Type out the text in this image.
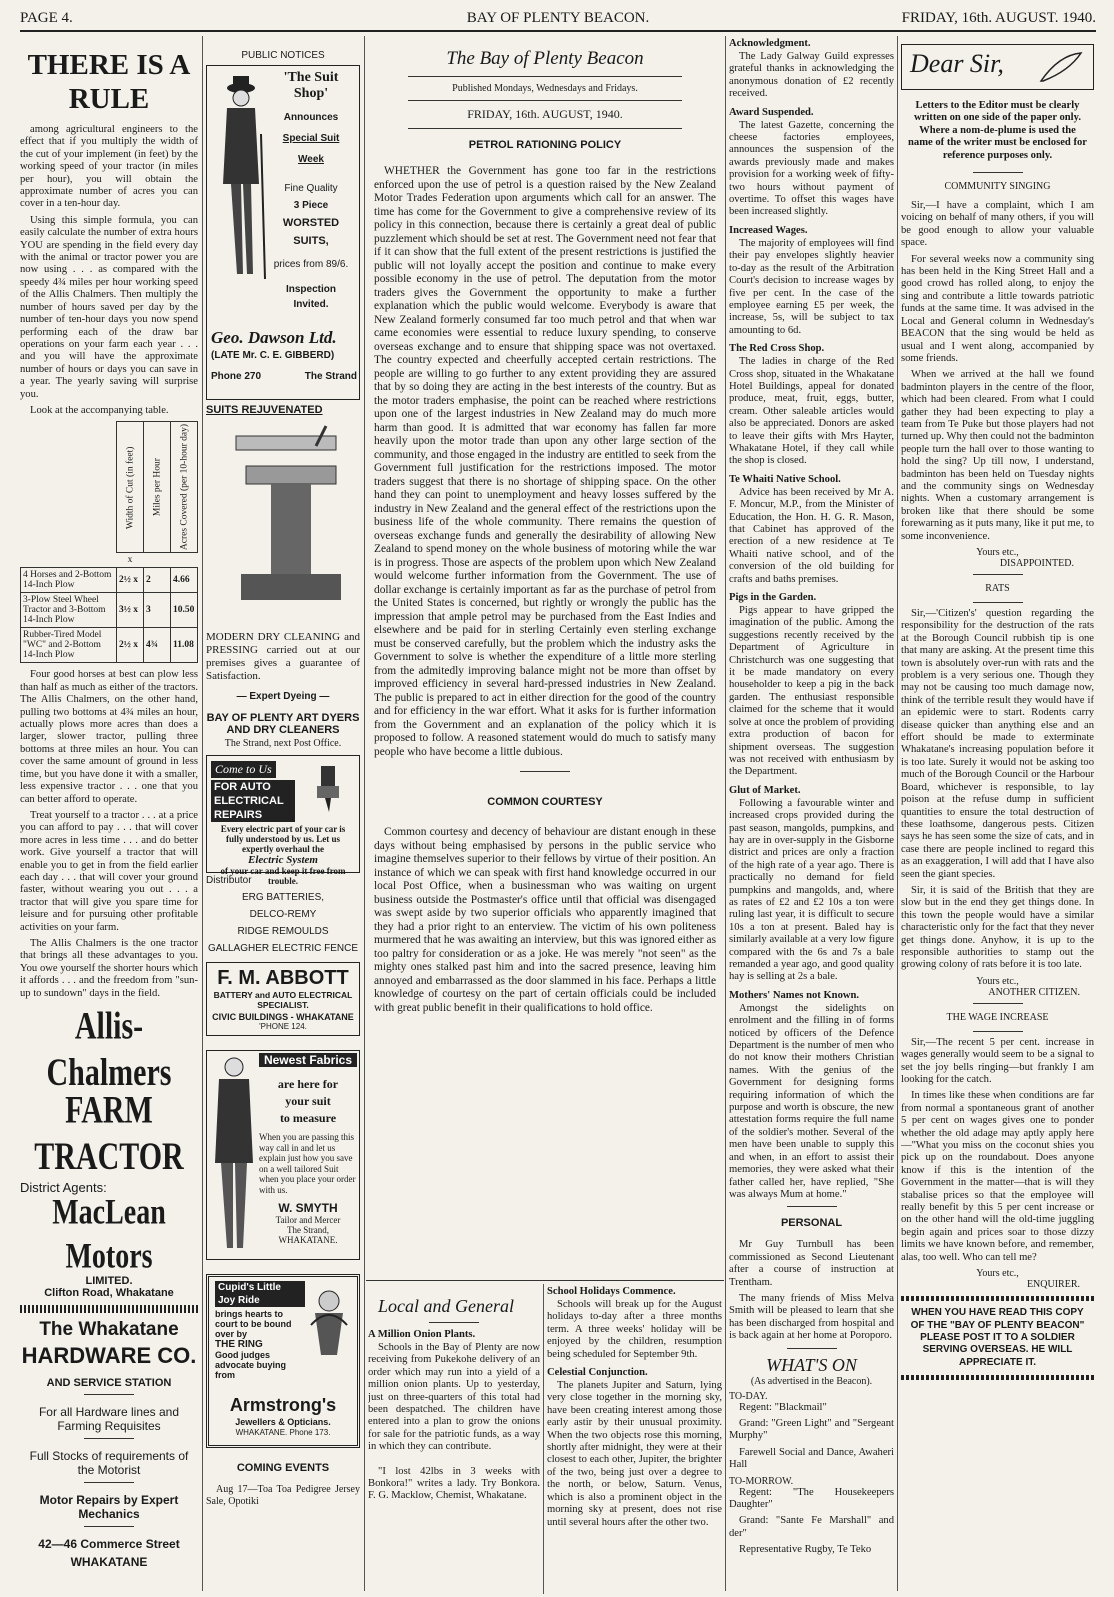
PAGE 4.	BAY OF PLENTY BEACON.	FRIDAY, 16th. AUGUST. 1940.
THERE IS A RULE

among agricultural engineers to the effect that if you multiply the width of the cut of your implement (in feet) by the working speed of your tractor (in miles per hour), you will obtain the approximate number of acres you can cover in a ten-hour day.

Using this simple formula, you can easily calculate the number of extra hours YOU are spending in the field every day with the animal or tractor power you are now using . . . as compared with the speedy 4¾ miles per hour working speed of the Allis Chalmers. Then multiply the number of hours saved per day by the number of ten-hour days you now spend performing each of the draw bar operations on your farm each year . . . and you will have the approximate number of hours or days you can save in a year. The yearly saving will surprise you.

Look at the accompanying table.

	Width of Cut (in feet)	Miles per Hour	Acres Covered (per 10-hour day)
	x		
4 Horses and 2-Bottom 14-Inch Plow	2½ x	2	4.66
3-Plow Steel Wheel Tractor and 3-Bottom 14-Inch Plow	3½ x	3	10.50
Rubber-Tired Model "WC" and 2-Bottom 14-Inch Plow	2½ x	4¾	11.08

Four good horses at best can plow less than half as much as either of the tractors. The Allis Chalmers, on the other hand, pulling two bottoms at 4¾ miles an hour, actually plows more acres than does a larger, slower tractor, pulling three bottoms at three miles an hour. You can cover the same amount of ground in less time, but you have done it with a smaller, less expensive tractor . . . one that you can better afford to operate.

Treat yourself to a tractor . . . at a price you can afford to pay . . . that will cover more acres in less time . . . and do better work. Give yourself a tractor that will enable you to get in from the field earlier each day . . . that will cover your ground faster, without wearing you out . . . a tractor that will give you spare time for leisure and for pursuing other profitable activities on your farm.

The Allis Chalmers is the one tractor that brings all these advantages to you. You owe yourself the shorter hours which it affords . . . and the freedom from "sun-up to sundown" days in the field.

Allis-Chalmers
FARM TRACTOR
District Agents:
MacLean Motors
LIMITED.
Clifton Road, Whakatane
The Whakatane
HARDWARE CO.
AND SERVICE STATION
For all Hardware lines and Farming Requisites
Full Stocks of requirements of the Motorist
Motor Repairs by Expert Mechanics
42—46 Commerce Street
WHAKATANE
PUBLIC NOTICES
'The Suit Shop'
Announces
Special Suit
Week
Fine Quality
3 Piece
WORSTED
SUITS,
prices from 89/6.
Inspection
Invited.
Geo. Dawson Ltd.
(LATE Mr. C. E. GIBBERD)
Phone 270	The Strand
SUITS REJUVENATED

MODERN DRY CLEANING and PRESSING carried out at our premises gives a guarantee of Satisfaction.

— Expert Dyeing —
BAY OF PLENTY ART DYERS AND DRY CLEANERS
The Strand, next Post Office.
Come to Us
FOR AUTO
ELECTRICAL
REPAIRS
Every electric part of your car is fully understood by us. Let us expertly overhaul the
Electric System
of your car and keep it free from trouble.
Distributor
ERG BATTERIES,
DELCO-REMY
RIDGE REMOULDS
GALLAGHER ELECTRIC FENCE
F. M. ABBOTT
BATTERY and AUTO ELECTRICAL SPECIALIST.
CIVIC BUILDINGS - WHAKATANE
'PHONE 124.
Newest Fabrics
are here for
your suit
to measure
When you are passing this way call in and let us explain just how you save on a well tailored Suit when you place your order with us.
W. SMYTH
Tailor and Mercer
The Strand,
WHAKATANE.
Cupid's Little
Joy Ride
brings hearts to court to be bound over by
THE RING
Good judges advocate buying from
Armstrong's
Jewellers & Opticians.
WHAKATANE. Phone 173.
COMING EVENTS

Aug 17—Toa Toa Pedigree Jersey Sale, Opotiki

The Bay of Plenty Beacon
Published Mondays, Wednesdays and Fridays.
FRIDAY, 16th. AUGUST, 1940.
PETROL RATIONING POLICY

WHETHER the Government has gone too far in the restrictions enforced upon the use of petrol is a question raised by the New Zealand Motor Trades Federation upon arguments which call for an answer. The time has come for the Government to give a comprehensive review of its policy in this connection, because there is certainly a great deal of public puzzlement which should be set at rest. The Government need not fear that if it can show that the full extent of the present restrictions is justified the public will not loyally accept the position and continue to make every possible economy in the use of petrol. The deputation from the motor traders gives the Government the opportunity to make a further explanation which the public would welcome. Everybody is aware that New Zealand formerly consumed far too much petrol and that when war came economies were essential to reduce luxury spending, to conserve overseas exchange and to ensure that shipping space was not overtaxed. The country expected and cheerfully accepted certain restrictions. The people are willing to go further to any extent providing they are assured that by so doing they are acting in the best interests of the country. But as the motor traders emphasise, the point can be reached where restrictions upon one of the largest industries in New Zealand may do much more harm than good. It is admitted that war economy has fallen far more heavily upon the motor trade than upon any other large section of the community, and those engaged in the industry are entitled to seek from the Government full justification for the restrictions imposed. The motor traders suggest that there is no shortage of shipping space. On the other hand they can point to unemployment and heavy losses suffered by the industry in New Zealand and the general effect of the restrictions upon the business life of the whole community. There remains the question of overseas exchange funds and generally the desirability of allowing New Zealand to spend money on the whole business of motoring while the war is in progress. Those are aspects of the problem upon which New Zealand would welcome further information from the Government. The use of dollar exchange is certainly important as far as the purchase of petrol from the United States is concerned, but rightly or wrongly the public has the impression that ample petrol may be purchased from the East Indies and elsewhere and be paid for in sterling Certainly even sterling exchange must be conserved carefully, but the problem which the industry asks the Government to solve is whether the expenditure of a little more sterling from the admitedly improving balance might not be more than offset by improved efficiency in several hard-pressed industries in New Zealand. The public is prepared to act in either direction for the good of the country and for efficiency in the war effort. What it asks for is further information from the Government and an explanation of the policy which it is proposed to follow. A reasoned statement would do much to satisfy many people who have become a little dubious.

COMMON COURTESY

Common courtesy and decency of behaviour are distant enough in these days without being emphasised by persons in the public service who imagine themselves superior to their fellows by virtue of their position. An instance of which we can speak with first hand knowledge occurred in our local Post Office, when a businessman who was waiting on urgent business outside the Postmaster's office until that official was disengaged was swept aside by two superior officials who apparently imagined that they had a prior right to an enterview. The victim of his own politeness murmered that he was awaiting an interview, but this was ignored either as too paltry for consideration or as a joke. He was merely "not seen" as the mighty ones stalked past him and into the sacred presence, leaving him annoyed and embarrassed as the door slammed in his face. Perhaps a little knowledge of courtesy on the part of certain officials could be included with great public benefit in their qualifications to hold office.

Local and General
A Million Onion Plants.

Schools in the Bay of Plenty are now receiving from Pukekohe delivery of an order which may run into a yield of a million onion plants. Up to yesterday, just on three-quarters of this total had been despatched. The children have entered into a plan to grow the onions for sale for the patriotic funds, as a way in which they can contribute.

"I lost 42lbs in 3 weeks with Bonkora!" writes a lady. Try Bonkora. F. G. Macklow, Chemist, Whakatane.

School Holidays Commence.

Schools will break up for the August holidays to-day after a three months term. A three weeks' holiday will be enjoyed by the children, resumption being scheduled for September 9th.

Celestial Conjunction.

The planets Jupiter and Saturn, lying very close together in the morning sky, have been creating interest among those early astir by their unusual proximity. When the two objects rose this morning, shortly after midnight, they were at their closest to each other, Jupiter, the brighter of the two, being just over a degree to the north, or below, Saturn. Venus, which is also a prominent object in the morning sky at present, does not rise until several hours after the other two.

Acknowledgment.

The Lady Galway Guild expresses grateful thanks in acknowledging the anonymous donation of £2 recently received.

Award Suspended.

The latest Gazette, concerning the cheese factories employees, announces the suspension of the awards previously made and makes provision for a working week of fifty-two hours without payment of overtime. To offset this wages have been increased slightly.

Increased Wages.

The majority of employees will find their pay envelopes slightly heavier to-day as the result of the Arbitration Court's decision to increase wages by five per cent. In the case of the employee earning £5 per week, the increase, 5s, will be subject to tax amounting to 6d.

The Red Cross Shop.

The ladies in charge of the Red Cross shop, situated in the Whakatane Hotel Buildings, appeal for donated produce, meat, fruit, eggs, butter, cream. Other saleable articles would also be appreciated. Donors are asked to leave their gifts with Mrs Hayter, Whakatane Hotel, if they call while the shop is closed.

Te Whaiti Native School.

Advice has been received by Mr A. F. Moncur, M.P., from the Minister of Education, the Hon. H. G. R. Mason, that Cabinet has approved of the erection of a new residence at Te Whaiti native school, and of the conversion of the old building for crafts and baths premises.

Pigs in the Garden.

Pigs appear to have gripped the imagination of the public. Among the suggestions recently received by the Department of Agriculture in Christchurch was one suggesting that it be made mandatory on every householder to keep a pig in the back garden. The enthusiast responsible claimed for the scheme that it would solve at once the problem of providing extra production of bacon for shipment overseas. The suggestion was not received with enthusiasm by the Department.

Glut of Market.

Following a favourable winter and increased crops provided during the past season, mangolds, pumpkins, and hay are in over-supply in the Gisborne district and prices are only a fraction of the high rate of a year ago. There is practically no demand for field pumpkins and mangolds, and, where as rates of £2 and £2 10s a ton were ruling last year, it is difficult to secure 10s a ton at present. Baled hay is similarly available at a very low figure compared with the 6s and 7s a bale remanded a year ago, and good quality hay is selling at 2s a bale.

Mothers' Names not Known.

Amongst the sidelights on enrolment and the filling in of forms noticed by officers of the Defence Department is the number of men who do not know their mothers Christian names. With the genius of the Government for designing forms requiring information of which the purpose and worth is obscure, the new attestation forms require the full name of the soldier's mother. Several of the men have been unable to supply this and when, in an effort to assist their memories, they were asked what their father called her, have replied, "She was always Mum at home."

PERSONAL

Mr Guy Turnbull has been commissioned as Second Lieutenant after a course of instruction at Trentham.

The many friends of Miss Melva Smith will be pleased to learn that she has been discharged from hospital and is back again at her home at Poroporo.

WHAT'S ON
(As advertised in the Beacon).
TO-DAY.

Regent: "Blackmail"

Grand: "Green Light" and "Sergeant Murphy"

Farewell Social and Dance, Awaheri Hall

TO-MORROW.

Regent: "The Housekeepers Daughter"

Grand: "Sante Fe Marshall" and der"

Representative Rugby, Te Teko

Dear Sir,

Letters to the Editor must be clearly written on one side of the paper only. Where a nom-de-plume is used the name of the writer must be enclosed for reference purposes only.

COMMUNITY SINGING

Sir,—I have a complaint, which I am voicing on behalf of many others, if you will be good enough to allow your valuable space.

For several weeks now a community sing has been held in the King Street Hall and a good crowd has rolled along, to enjoy the sing and contribute a little towards patriotic funds at the same time. It was advised in the Local and General column in Wednesday's BEACON that the sing would be held as usual and I went along, accompanied by some friends.

When we arrived at the hall we found badminton players in the centre of the floor, which had been cleared. From what I could gather they had been expecting to play a team from Te Puke but those players had not turned up. Why then could not the badminton people turn the hall over to those wanting to hold the sing? Up till now, I understand, badminton has been held on Tuesday nights and the community sings on Wednesday nights. When a customary arrangement is broken like that there should be some forewarning as it puts many, like it put me, to some inconvenience.

Yours etc.,
DISAPPOINTED.
RATS

Sir,—'Citizen's' question regarding the responsibility for the destruction of the rats at the Borough Council rubbish tip is one that many are asking. At the present time this town is absolutely over-run with rats and the problem is a very serious one. Though they may not be causing too much damage now, think of the terrible result they would have if an epidemic were to start. Rodents carry disease quicker than anything else and an effort should be made to exterminate Whakatane's increasing population before it is too late. Surely it would not be asking too much of the Borough Council or the Harbour Board, whichever is responsible, to lay poison at the refuse dump in sufficient quantities to ensure the total destruction of these loathsome, dangerous pests. Citizen says he has seen some the size of cats, and in case there are people inclined to regard this as an exaggeration, I will add that I have also seen the giant species.

Sir, it is said of the British that they are slow but in the end they get things done. In this town the people would have a similar characteristic only for the fact that they never get things done. Anyhow, it is up to the responsible authorities to stamp out the growing colony of rats before it is too late.

Yours etc.,
ANOTHER CITIZEN.
THE WAGE INCREASE

Sir,—The recent 5 per cent. increase in wages generally would seem to be a signal to set the joy bells ringing—but frankly I am looking for the catch.

In times like these when conditions are far from normal a spontaneous grant of another 5 per cent on wages gives one to ponder whether the old adage may aptly apply here—"What you miss on the coconut shies you pick up on the roundabout. Does anyone know if this is the intention of the Government in the matter—that is will they stabalise prices so that the employee will really benefit by this 5 per cent increase or on the other hand will the old-time juggling begin again and prices soar to those dizzy limits we have known before, and remember, alas, too well. Who can tell me?

Yours etc.,
ENQUIRER.

WHEN YOU HAVE READ THIS COPY OF THE "BAY OF PLENTY BEACON" PLEASE POST IT TO A SOLDIER SERVING OVERSEAS. HE WILL APPRECIATE IT.
